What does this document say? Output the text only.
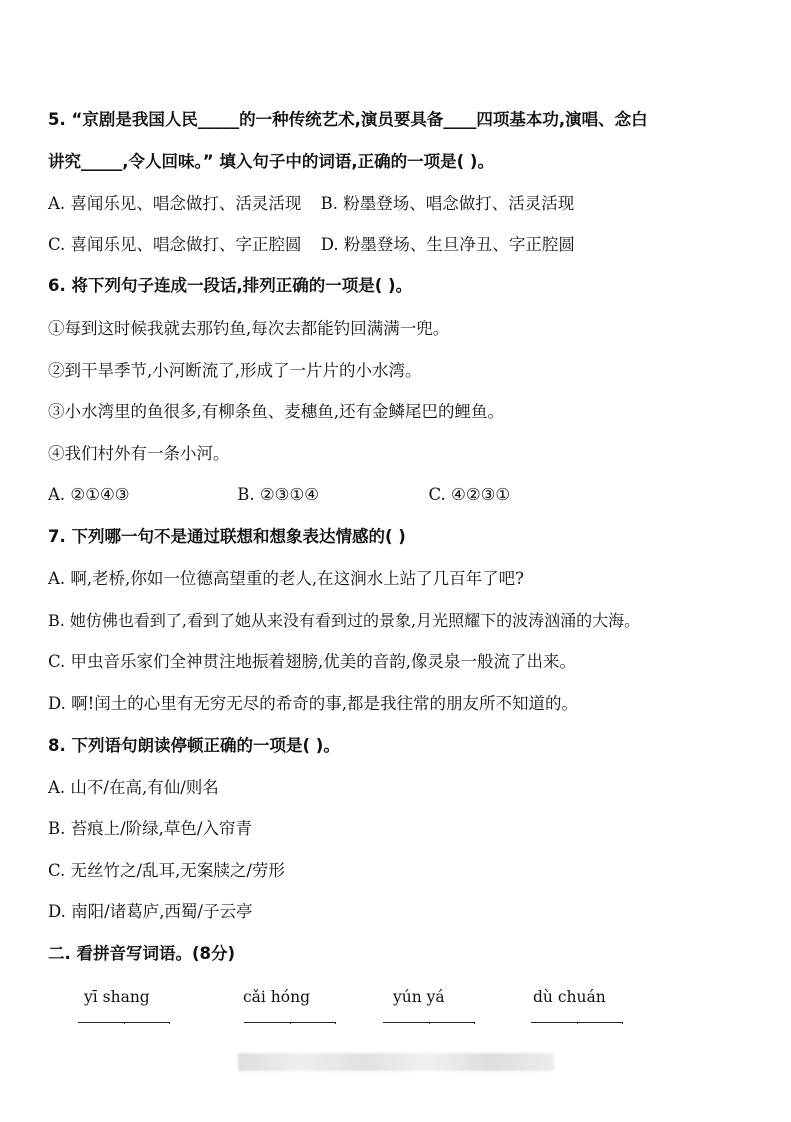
5. “京剧是我国人民_____的一种传统艺术,演员要具备____四项基本功,演唱、念白
讲究_____,令人回味。” 填入句子中的词语,正确的一项是( )。
A. 喜闻乐见、唱念做打、活灵活现 B. 粉墨登场、唱念做打、活灵活现
C. 喜闻乐见、唱念做打、字正腔圆 D. 粉墨登场、生旦净丑、字正腔圆
6. 将下列句子连成一段话,排列正确的一项是( )。
①每到这时候我就去那钓鱼,每次去都能钓回满满一兜。
②到干旱季节,小河断流了,形成了一片片的小水湾。
③小水湾里的鱼很多,有柳条鱼、麦穗鱼,还有金鳞尾巴的鲤鱼。
④我们村外有一条小河。
A. ②①④③	B. ②③①④	C. ④②③①
7. 下列哪一句不是通过联想和想象表达情感的( )
A. 啊,老桥,你如一位德高望重的老人,在这涧水上站了几百年了吧?
B. 她仿佛也看到了,看到了她从来没有看到过的景象,月光照耀下的波涛汹涌的大海。
C. 甲虫音乐家们全神贯注地振着翅膀,优美的音韵,像灵泉一般流了出来。
D. 啊!闰土的心里有无穷无尽的希奇的事,都是我往常的朋友所不知道的。
8. 下列语句朗读停顿正确的一项是( )。
A. 山不/在高,有仙/则名
B. 苔痕上/阶绿,草色/入帘青
C. 无丝竹之/乱耳,无案牍之/劳形
D. 南阳/诸葛庐,西蜀/子云亭
二. 看拼音写词语。(8分)
yī shang	cǎi hóng	yún yá	dù chuán
